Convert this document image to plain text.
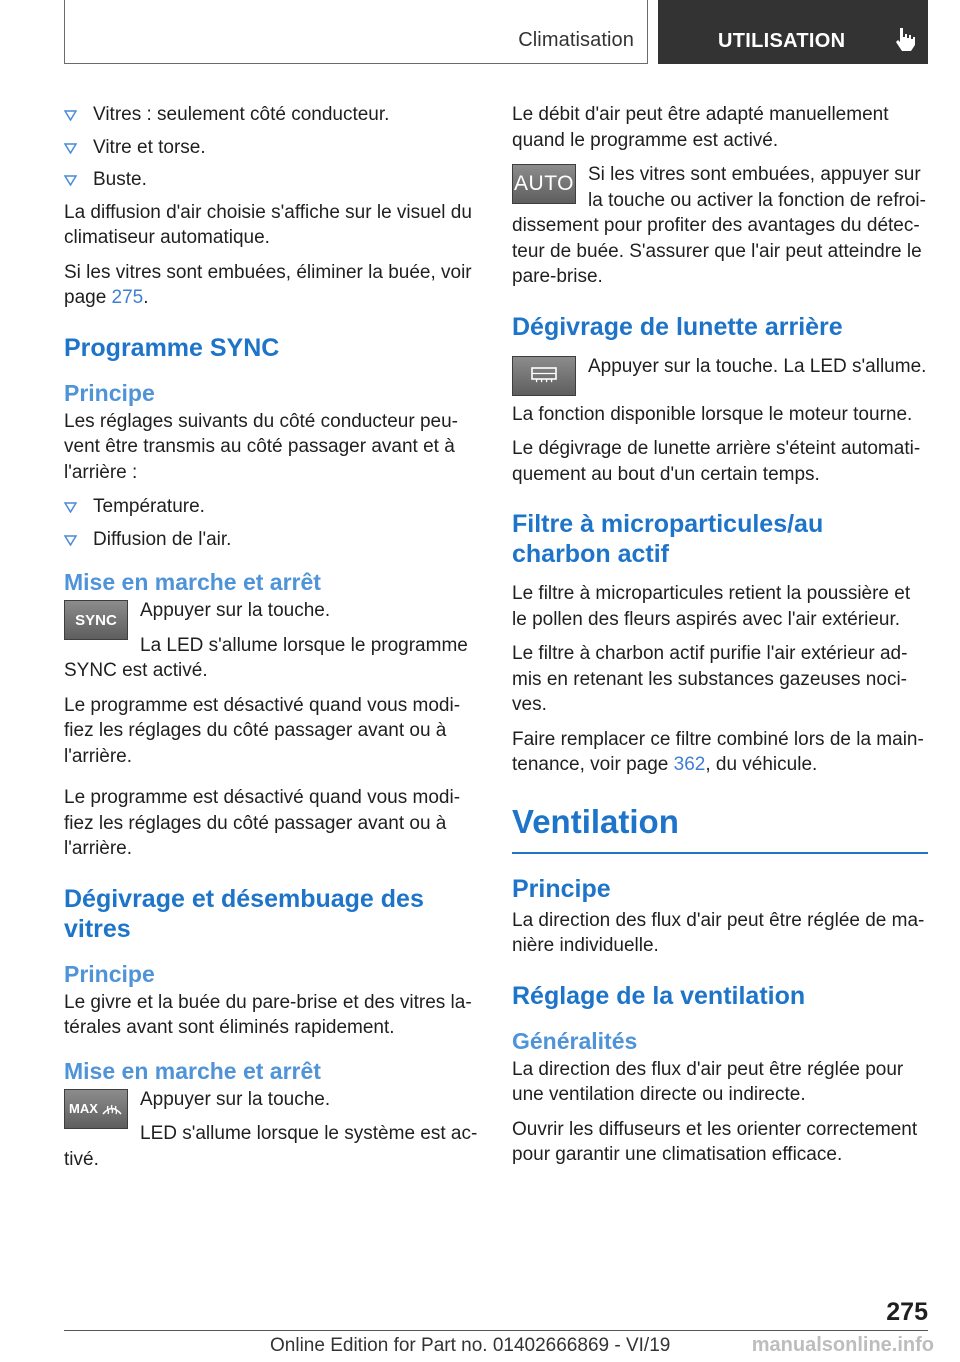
Climatisation	UTILISATION

Vitres : seulement côté conducteur.

Vitre et torse.

Buste.

La diffusion d'air choisie s'affiche sur le visuel du climatiseur automatique.

Si les vitres sont embuées, éliminer la buée, voir page 275.

Programme SYNC
Principe

Les réglages suivants du côté conducteur peuvent être transmis au côté passager avant et à l'arrière :

Température.

Diffusion de l'air.

Mise en marche et arrêt
SYNC	Appuyer sur la touche.

La LED s'allume lorsque le programme SYNC est activé.

Le programme est désactivé quand vous modifiez les réglages du côté passager avant ou à l'arrière.

Le programme est désactivé quand vous modifiez les réglages du côté passager avant ou à l'arrière.

Dégivrage et désembuage des vitres
Principe

Le givre et la buée du pare-brise et des vitres latérales avant sont éliminés rapidement.

Mise en marche et arrêt
MAX	Appuyer sur la touche.

LED s'allume lorsque le système est activé.

Le débit d'air peut être adapté manuellement quand le programme est activé.

AUTO Si les vitres sont embuées, appuyer sur la touche ou activer la fonction de refroidissement pour profiter des avantages du détecteur de buée. S'assurer que l'air peut atteindre le pare-brise.

Dégivrage de lunette arrière

Appuyer sur la touche. La LED s'allume.

La fonction disponible lorsque le moteur tourne.

Le dégivrage de lunette arrière s'éteint automatiquement au bout d'un certain temps.

Filtre à microparticules/au charbon actif

Le filtre à microparticules retient la poussière et le pollen des fleurs aspirés avec l'air extérieur.

Le filtre à charbon actif purifie l'air extérieur admis en retenant les substances gazeuses nocives.

Faire remplacer ce filtre combiné lors de la maintenance, voir page 362, du véhicule.

Ventilation
Principe

La direction des flux d'air peut être réglée de manière individuelle.

Réglage de la ventilation
Généralités

La direction des flux d'air peut être réglée pour une ventilation directe ou indirecte.

Ouvrir les diffuseurs et les orienter correctement pour garantir une climatisation efficace.

275
Online Edition for Part no. 01402666869 - VI/19	manualsonline.info
